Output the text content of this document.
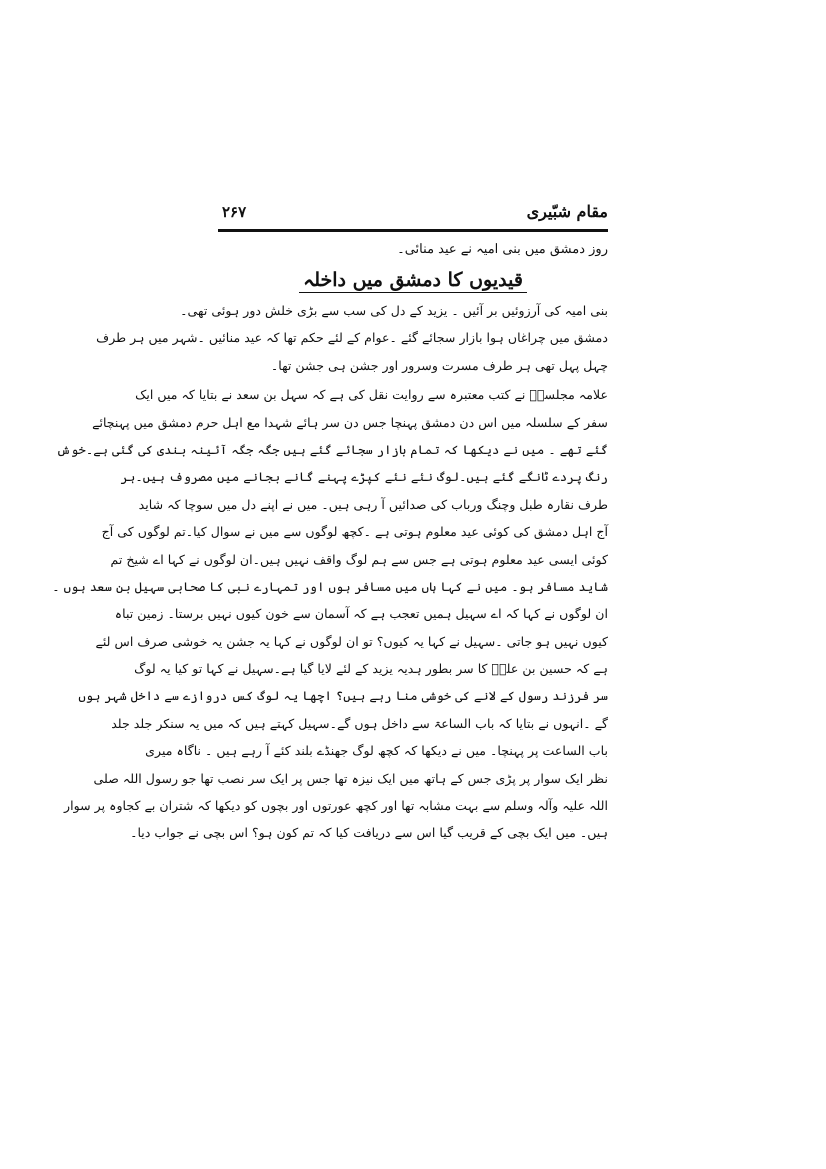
مقام شبّیری
۲۶۷
روز دمشق میں بنی امیہ نے عید منائی۔
قیدیوں کا دمشق میں داخلہ
بنی امیہ کی آرزوئیں بر آئیں ۔ یزید کے دل کی سب سے بڑی خلش دور ہوئی تھی۔
دمشق میں چراغاں ہوا بازار سجائے گئے ۔عوام کے لئے حکم تھا کہ عید منائیں ۔شہر میں ہر طرف
چہل پہل تھی ہر طرف مسرت وسرور اور جشن ہی جشن تھا۔
علامہ مجلسیؒ نے کتب معتبرہ سے روایت نقل کی ہے کہ سہل بن سعد نے بتایا کہ میں ایک
سفر کے سلسلہ میں اس دن دمشق پہنچا جس دن سر ہائے شہدا مع اہل حرم دمشق میں پہنچائے
گئے تھے ۔ میں نے دیکھا کہ تمام بازار سجائے گئے ہیں جگہ جگہ آئینہ بندی کی گئی ہے۔خوش
رنگ پردے ٹانگے گئے ہیں۔لوگ نئے نئے کپڑے پہنے گانے بجانے میں مصروف ہیں۔ہر
طرف نقارہ طبل وچنگ ورباب کی صدائیں آ رہی ہیں۔ میں نے اپنے دل میں سوچا کہ شاید
آج اہل دمشق کی کوئی عید معلوم ہوتی ہے ۔کچھ لوگوں سے میں نے سوال کیا۔تم لوگوں کی آج
کوئی ایسی عید معلوم ہوتی ہے جس سے ہم لوگ واقف نہیں ہیں۔ان لوگوں نے کہا اے شیخ تم
شاید مسافر ہو۔ میں نے کہا ہاں میں مسافر ہوں اور تمہارے نبی کا صحابی سہیل بن سعد ہوں ۔
ان لوگوں نے کہا کہ اے سہیل ہمیں تعجب ہے کہ آسمان سے خون کیوں نہیں برستا۔ زمین تباہ
کیوں نہیں ہو جاتی ۔سہیل نے کہا یہ کیوں؟ تو ان لوگوں نے کہا یہ جشن یہ خوشی صرف اس لئے
ہے کہ حسین بن علیؑ کا سر بطور ہدیہ یزید کے لئے لایا گیا ہے۔سہیل نے کہا تو کیا یہ لوگ
سر فرزند رسول کے لانے کی خوشی منا رہے ہیں؟ اچھا یہ لوگ کس دروازے سے داخل شہر ہوں
گے ۔انہوں نے بتایا کہ باب الساعۃ سے داخل ہوں گے۔سہیل کہتے ہیں کہ میں یہ سنکر جلد جلد
باب الساعت پر پہنچا۔ میں نے دیکھا کہ کچھ لوگ جھنڈے بلند کئے آ رہے ہیں ۔ ناگاہ میری
نظر ایک سوار پر پڑی جس کے ہاتھ میں ایک نیزہ تھا جس پر ایک سر نصب تھا جو رسول اللہ صلی
اللہ علیہ وآلہ وسلم سے بہت مشابہ تھا اور کچھ عورتوں اور بچوں کو دیکھا کہ شتران بے کجاوہ پر سوار
ہیں۔ میں ایک بچی کے قریب گیا اس سے دریافت کیا کہ تم کون ہو؟ اس بچی نے جواب دیا۔
